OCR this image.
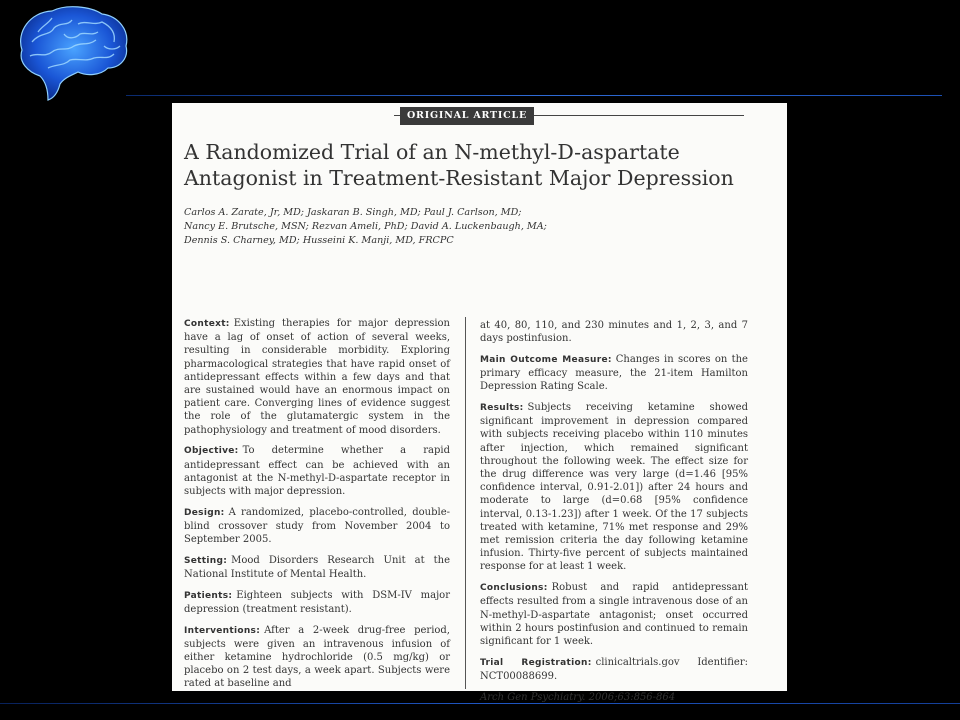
ORIGINAL ARTICLE
A Randomized Trial of an N-methyl-D-aspartate
Antagonist in Treatment-Resistant Major Depression
Carlos A. Zarate, Jr, MD; Jaskaran B. Singh, MD; Paul J. Carlson, MD;
Nancy E. Brutsche, MSN; Rezvan Ameli, PhD; David A. Luckenbaugh, MA;
Dennis S. Charney, MD; Husseini K. Manji, MD, FRCPC

Context: Existing therapies for major depression have a lag of onset of action of several weeks, resulting in considerable morbidity. Exploring pharmacological strategies that have rapid onset of antidepressant effects within a few days and that are sustained would have an enormous impact on patient care. Converging lines of evidence suggest the role of the glutamatergic system in the pathophysiology and treatment of mood disorders.

Objective: To determine whether a rapid antidepressant effect can be achieved with an antagonist at the N-methyl-D-aspartate receptor in subjects with major depression.

Design: A randomized, placebo-controlled, double-blind crossover study from November 2004 to September 2005.

Setting: Mood Disorders Research Unit at the National Institute of Mental Health.

Patients: Eighteen subjects with DSM-IV major depression (treatment resistant).

Interventions: After a 2-week drug-free period, subjects were given an intravenous infusion of either ketamine hydrochloride (0.5 mg/kg) or placebo on 2 test days, a week apart. Subjects were rated at baseline and

at 40, 80, 110, and 230 minutes and 1, 2, 3, and 7 days postinfusion.

Main Outcome Measure: Changes in scores on the primary efficacy measure, the 21-item Hamilton Depression Rating Scale.

Results: Subjects receiving ketamine showed significant improvement in depression compared with subjects receiving placebo within 110 minutes after injection, which remained significant throughout the following week. The effect size for the drug difference was very large (d=1.46 [95% confidence interval, 0.91-2.01]) after 24 hours and moderate to large (d=0.68 [95% confidence interval, 0.13-1.23]) after 1 week. Of the 17 subjects treated with ketamine, 71% met response and 29% met remission criteria the day following ketamine infusion. Thirty-five percent of subjects maintained response for at least 1 week.

Conclusions: Robust and rapid antidepressant effects resulted from a single intravenous dose of an N-methyl-D-aspartate antagonist; onset occurred within 2 hours postinfusion and continued to remain significant for 1 week.

Trial Registration: clinicaltrials.gov Identifier: NCT00088699.

Arch Gen Psychiatry. 2006;63:856-864
